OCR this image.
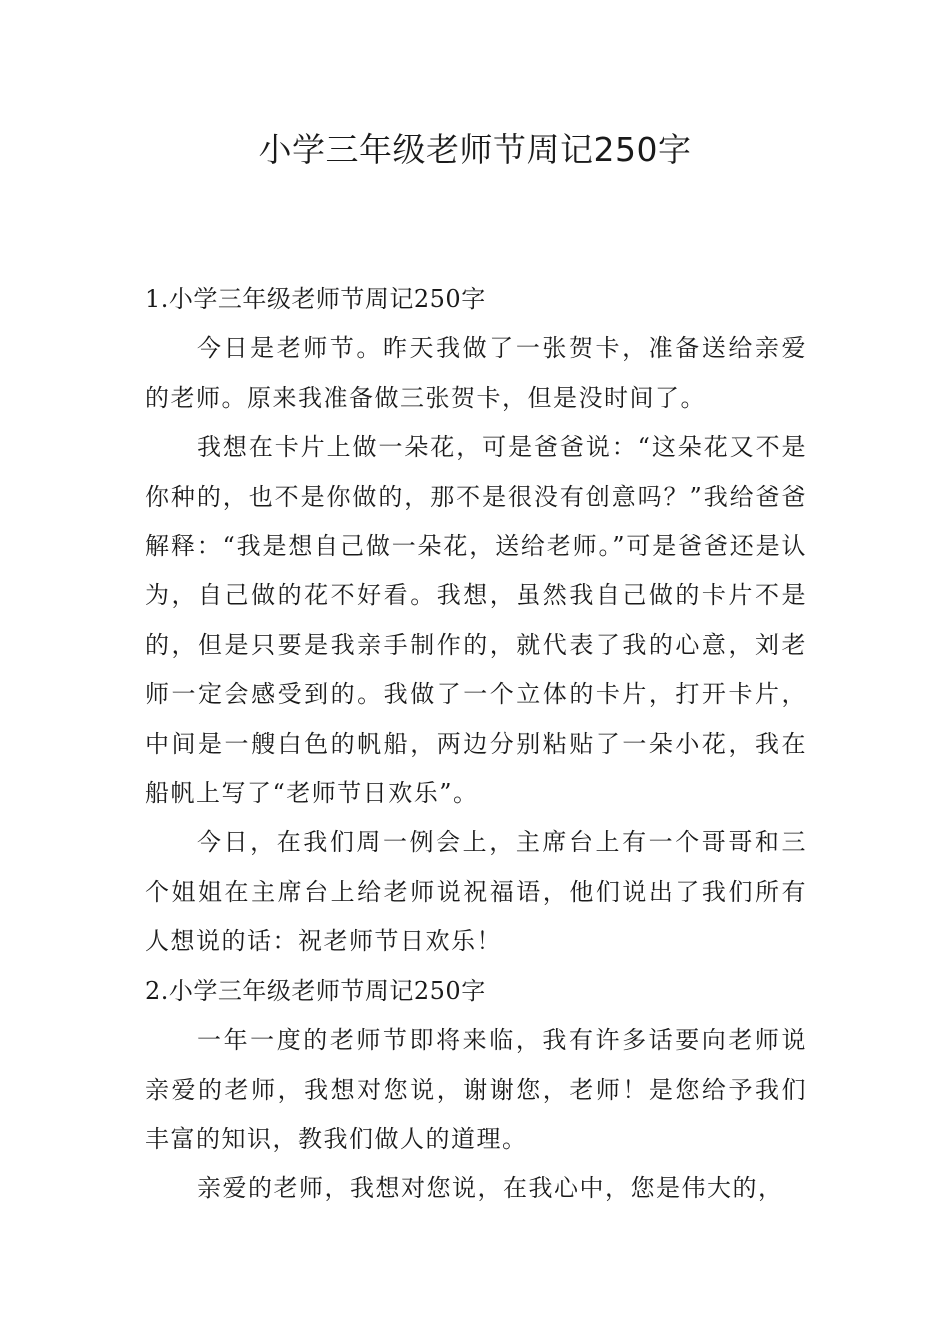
小学三年级老师节周记250字
1.小学三年级老师节周记250字

今日是老师节。昨天我做了一张贺卡，准备送给亲爱的老师。原来我准备做三张贺卡，但是没时间了。

我想在卡片上做一朵花，可是爸爸说：“这朵花又不是你种的，也不是你做的，那不是很没有创意吗？”我给爸爸解释：“我是想自己做一朵花，送给老师。”可是爸爸还是认为，自己做的花不好看。我想，虽然我自己做的卡片不是的，但是只要是我亲手制作的，就代表了我的心意，刘老师一定会感受到的。我做了一个立体的卡片，打开卡片，中间是一艘白色的帆船，两边分别粘贴了一朵小花，我在船帆上写了“老师节日欢乐”。

今日，在我们周一例会上，主席台上有一个哥哥和三个姐姐在主席台上给老师说祝福语，他们说出了我们所有人想说的话：祝老师节日欢乐！

2.小学三年级老师节周记250字

一年一度的老师节即将来临，我有许多话要向老师说亲爱的老师，我想对您说，谢谢您，老师！是您给予我们丰富的知识，教我们做人的道理。

亲爱的老师，我想对您说，在我心中，您是伟大的，
